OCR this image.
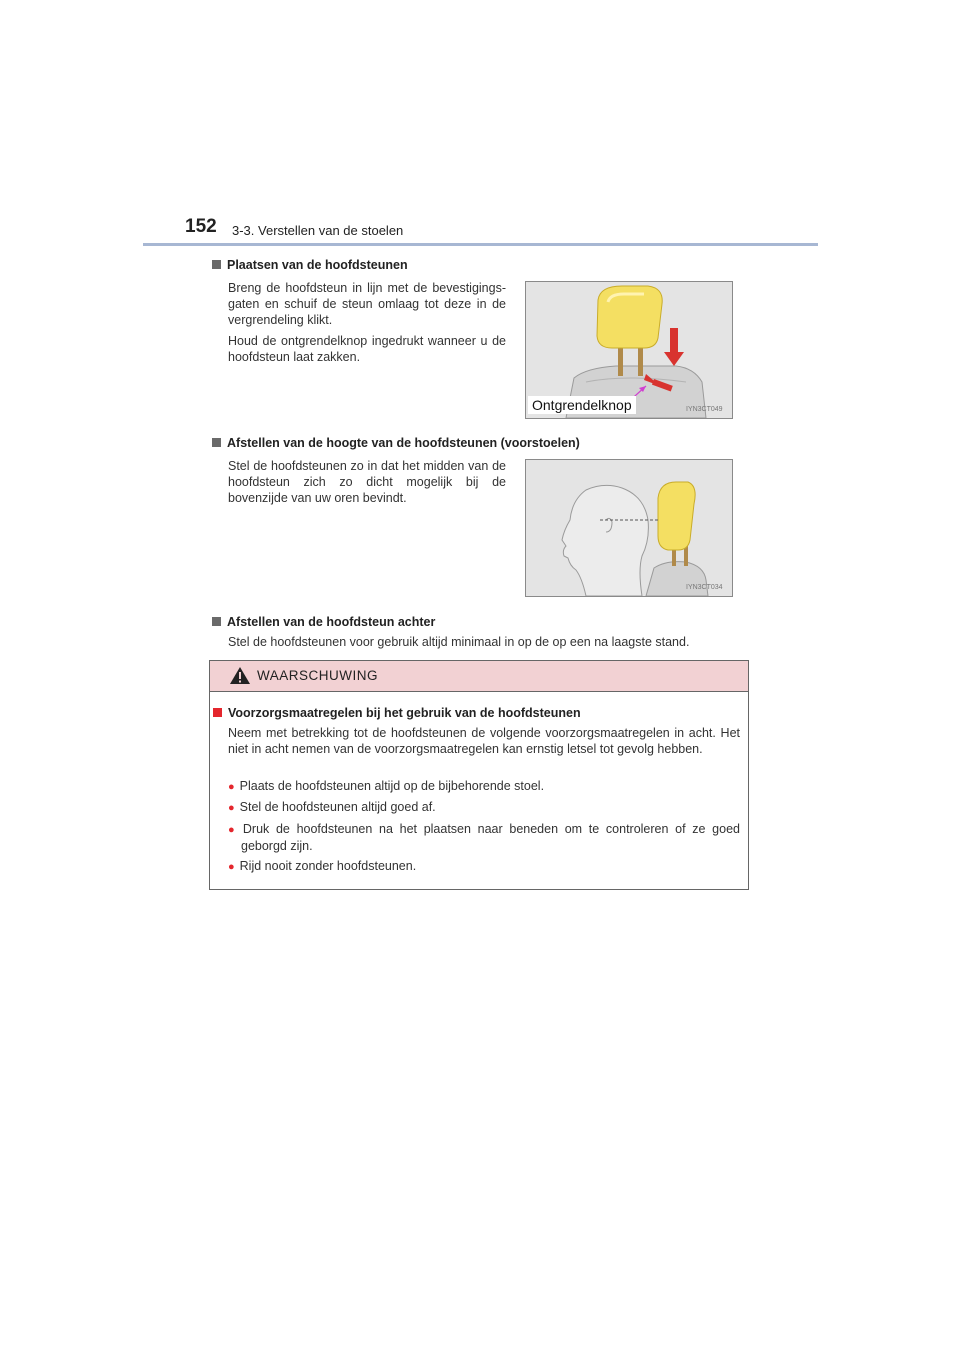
152 3-3. Verstellen van de stoelen
Plaatsen van de hoofdsteunen
Breng de hoofdsteun in lijn met de bevestigings- gaten en schuif de steun omlaag tot deze in de vergrendeling klikt.
Houd de ontgrendelknop ingedrukt wanneer u de hoofdsteun laat zakken.
Ontgrendelknop	IYN3CT049
Afstellen van de hoogte van de hoofdsteunen (voorstoelen)
Stel de hoofdsteunen zo in dat het midden van de hoofdsteun zich zo dicht mogelijk bij de bovenzijde van uw oren bevindt.
IYN3CT034
Afstellen van de hoofdsteun achter
Stel de hoofdsteunen voor gebruik altijd minimaal in op de op een na laagste stand.
WAARSCHUWING
Voorzorgsmaatregelen bij het gebruik van de hoofdsteunen
Neem met betrekking tot de hoofdsteunen de volgende voorzorgsmaatregelen in acht. Het niet in acht nemen van de voorzorgsmaatregelen kan ernstig letsel tot gevolg hebben.
● Plaats de hoofdsteunen altijd op de bijbehorende stoel.
● Stel de hoofdsteunen altijd goed af.
● Druk de hoofdsteunen na het plaatsen naar beneden om te controleren of ze goed geborgd zijn.
● Rijd nooit zonder hoofdsteunen.
